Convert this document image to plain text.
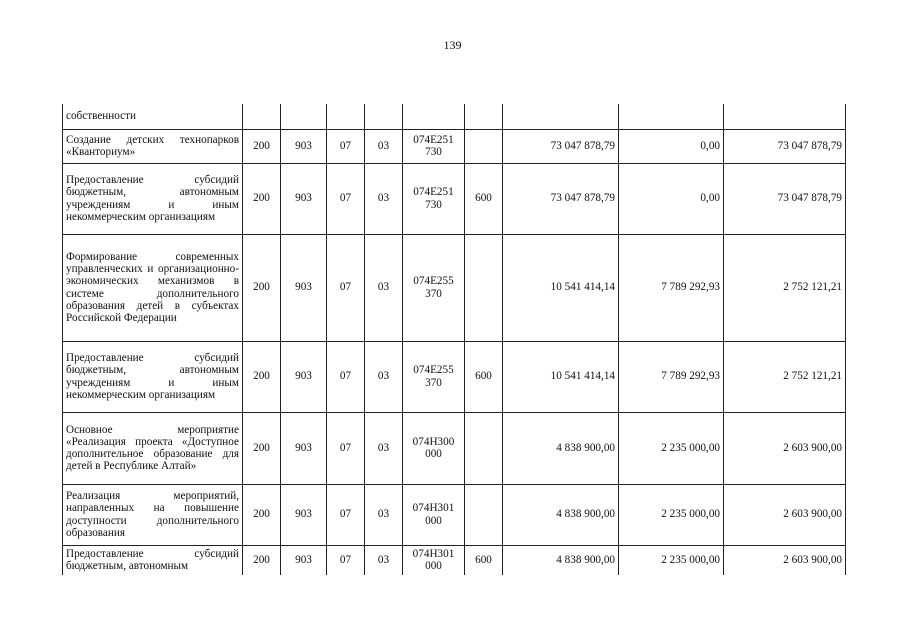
139
собственности									
Создание детских технопарков «Кванториум»	200	903	07	03	074E251 730		73 047 878,79	0,00	73 047 878,79
Предоставление субсидий бюджетным, автономным учреждениям и иным некоммерческим организациям	200	903	07	03	074E251 730	600	73 047 878,79	0,00	73 047 878,79
Формирование современных управленческих и организационно-экономических механизмов в системе дополнительного образования детей в субъектах Российской Федерации	200	903	07	03	074E255 370		10 541 414,14	7 789 292,93	2 752 121,21
Предоставление субсидий бюджетным, автономным учреждениям и иным некоммерческим организациям	200	903	07	03	074E255 370	600	10 541 414,14	7 789 292,93	2 752 121,21
Основное мероприятие «Реализация проекта «Доступное дополнительное образование для детей в Республике Алтай»	200	903	07	03	074H300 000		4 838 900,00	2 235 000,00	2 603 900,00
Реализация мероприятий, направленных на повышение доступности дополнительного образования	200	903	07	03	074H301 000		4 838 900,00	2 235 000,00	2 603 900,00
Предоставление субсидий бюджетным, автономным	200	903	07	03	074H301 000	600	4 838 900,00	2 235 000,00	2 603 900,00
